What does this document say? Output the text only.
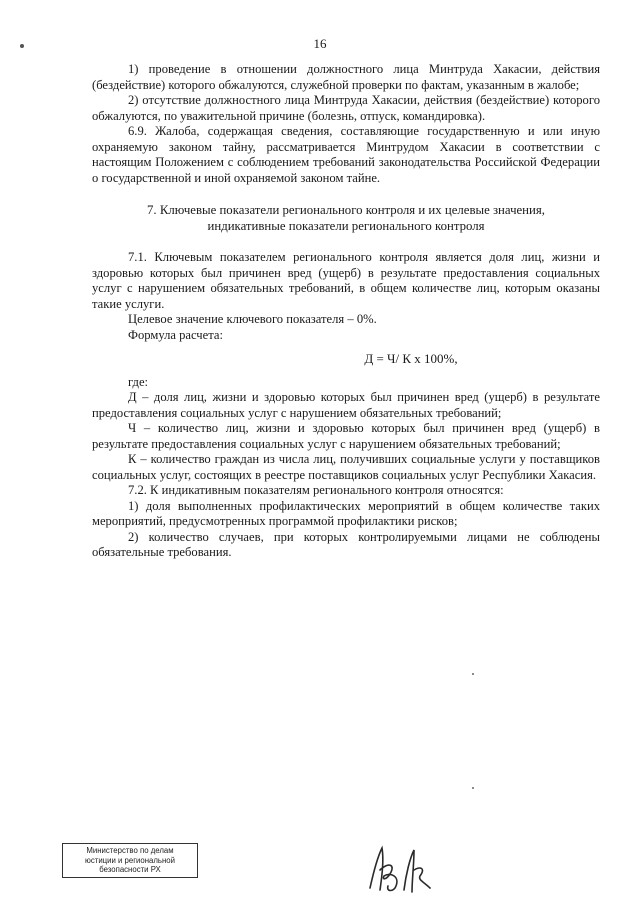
16

1) проведение в отношении должностного лица Минтруда Хакасии, действия (бездействие) которого обжалуются, служебной проверки по фактам, указанным в жалобе;

2) отсутствие должностного лица Минтруда Хакасии, действия (бездействие) которого обжалуются, по уважительной причине (болезнь, отпуск, командировка).

6.9. Жалоба, содержащая сведения, составляющие государственную и или иную охраняемую законом тайну, рассматривается Минтрудом Хакасии в соответствии с настоящим Положением с соблюдением требований законодательства Российской Федерации о государственной и иной охраняемой законом тайне.

7. Ключевые показатели регионального контроля и их целевые значения,
индикативные показатели регионального контроля

7.1. Ключевым показателем регионального контроля является доля лиц, жизни и здоровью которых был причинен вред (ущерб) в результате предоставления социальных услуг с нарушением обязательных требований, в общем количестве лиц, которым оказаны такие услуги.

Целевое значение ключевого показателя – 0%.

Формула расчета:

Д = Ч/ К х 100%,

где:

Д – доля лиц, жизни и здоровью которых был причинен вред (ущерб) в результате предоставления социальных услуг с нарушением обязательных требований;

Ч – количество лиц, жизни и здоровью которых был причинен вред (ущерб) в результате предоставления социальных услуг с нарушением обязательных требований;

К – количество граждан из числа лиц, получивших социальные услуги у поставщиков социальных услуг, состоящих в реестре поставщиков социальных услуг Республики Хакасия.

7.2. К индикативным показателям регионального контроля относятся:

1) доля выполненных профилактических мероприятий в общем количестве таких мероприятий, предусмотренных программой профилактики рисков;

2) количество случаев, при которых контролируемыми лицами не соблюдены обязательные требования.

Министерство по делам
юстиции и региональной
безопасности РХ
